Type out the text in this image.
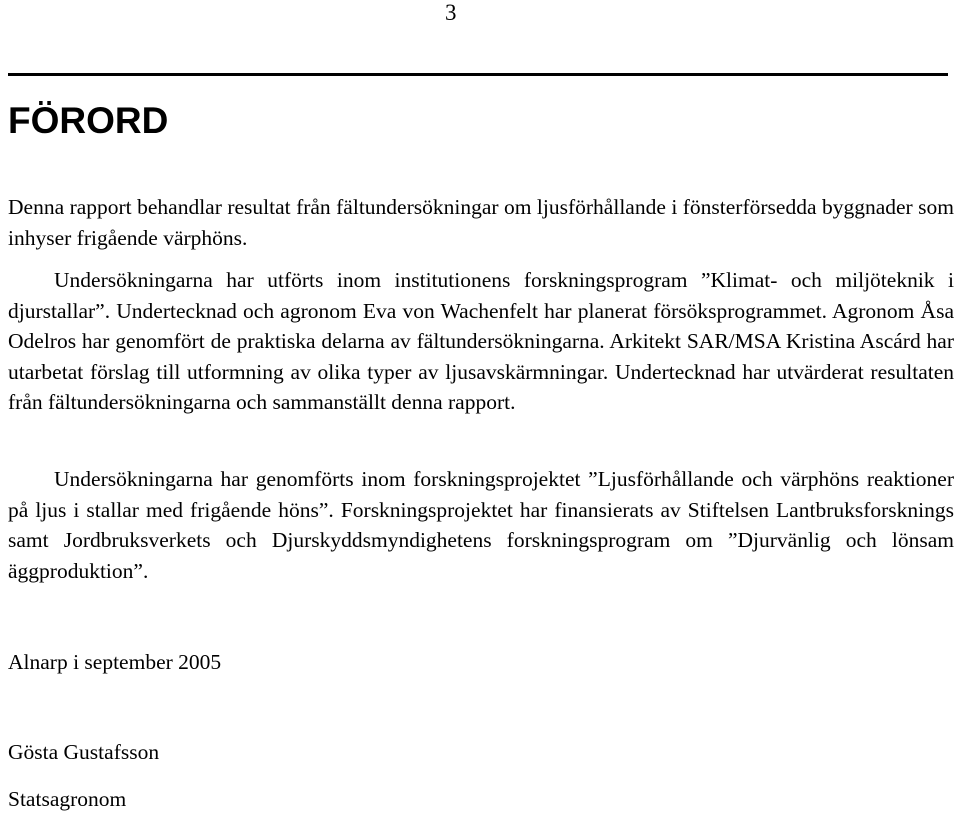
3
FÖRORD

Denna rapport behandlar resultat från fältundersökningar om ljusförhållande i fönsterförsedda byggnader som inhyser frigående värphöns.

Undersökningarna har utförts inom institutionens forskningsprogram ”Klimat- och miljöteknik i djurstallar”. Undertecknad och agronom Eva von Wachenfelt har planerat försöksprogrammet. Agronom Åsa Odelros har genomfört de praktiska delarna av fältundersökningarna. Arkitekt SAR/MSA Kristina Ascárd har utarbetat förslag till utformning av olika typer av ljusavskärmningar. Undertecknad har utvärderat resultaten från fältundersökningarna och sammanställt denna rapport.

Undersökningarna har genomförts inom forskningsprojektet ”Ljusförhållande och värphöns reaktioner på ljus i stallar med frigående höns”. Forskningsprojektet har finansierats av Stiftelsen Lantbruksforsknings samt Jordbruksverkets och Djurskyddsmyndighetens forskningsprogram om ”Djurvänlig och lönsam äggproduktion”.

Alnarp i september 2005

Gösta Gustafsson

Statsagronom
